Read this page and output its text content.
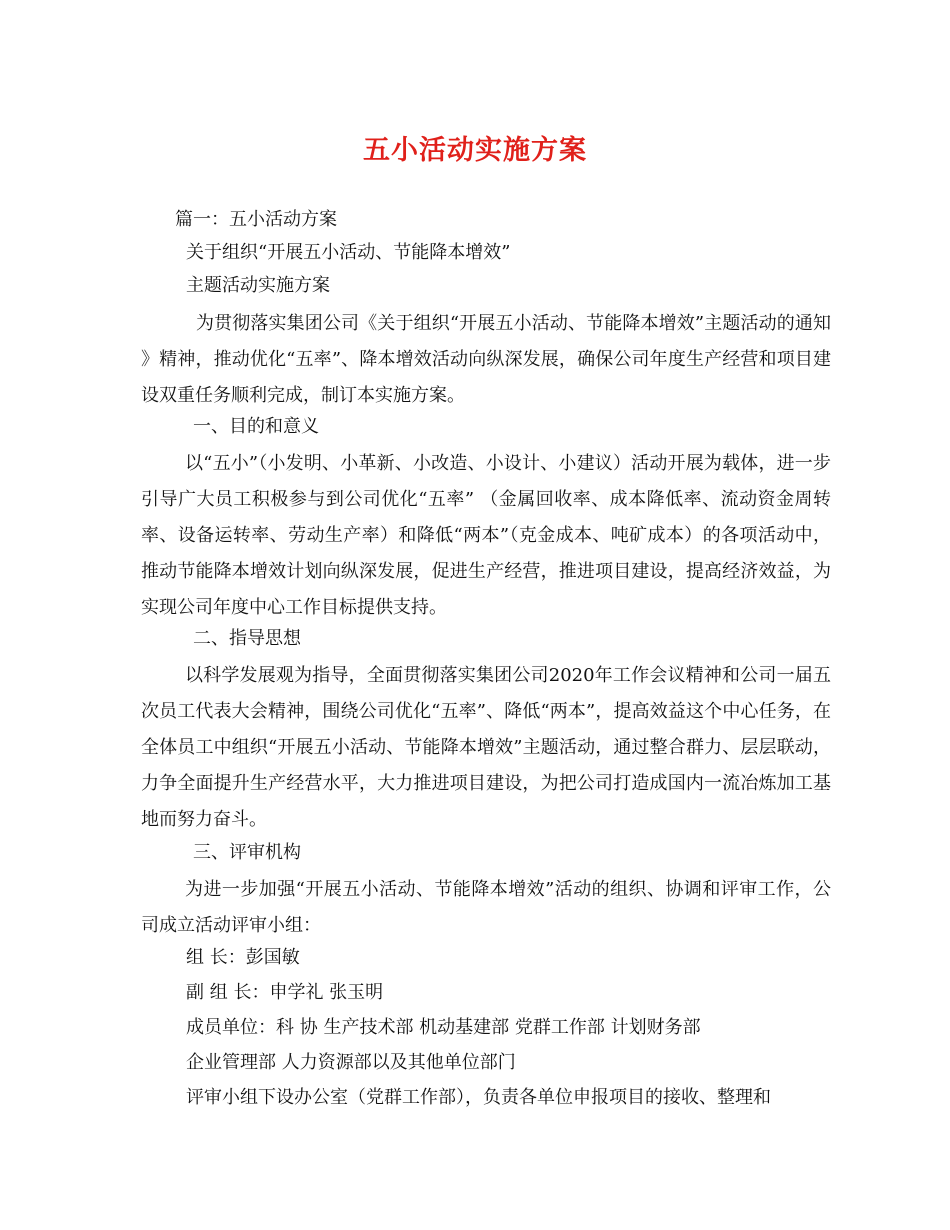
五小活动实施方案
篇一：五小活动方案
关于组织“开展五小活动、节能降本增效”
主题活动实施方案
为贯彻落实集团公司《关于组织“开展五小活动、节能降本增效”主题活动的通知 》精神，推动优化“五率”、降本增效活动向纵深发展，确保公司年度生产经营和项目建设双重任务顺利完成，制订本实施方案。
一、目的和意义
以“五小”（小发明、小革新、小改造、小设计、小建议）活动开展为载体，进一步引导广大员工积极参与到公司优化“五率” （金属回收率、成本降低率、流动资金周转率、设备运转率、劳动生产率）和降低“两本”（克金成本、吨矿成本）的各项活动中，推动节能降本增效计划向纵深发展，促进生产经营，推进项目建设，提高经济效益，为实现公司年度中心工作目标提供支持。
二、指导思想
以科学发展观为指导，全面贯彻落实集团公司2020年工作会议精神和公司一届五次员工代表大会精神，围绕公司优化“五率”、降低“两本”，提高效益这个中心任务，在全体员工中组织“开展五小活动、节能降本增效”主题活动，通过整合群力、层层联动，力争全面提升生产经营水平，大力推进项目建设，为把公司打造成国内一流冶炼加工基地而努力奋斗。
三、评审机构
为进一步加强“开展五小活动、节能降本增效”活动的组织、协调和评审工作，公司成立活动评审小组：
组 长：彭国敏
副 组 长：申学礼 张玉明
成员单位：科 协 生产技术部 机动基建部 党群工作部 计划财务部
企业管理部 人力资源部以及其他单位部门
评审小组下设办公室（党群工作部），负责各单位申报项目的接收、整理和
